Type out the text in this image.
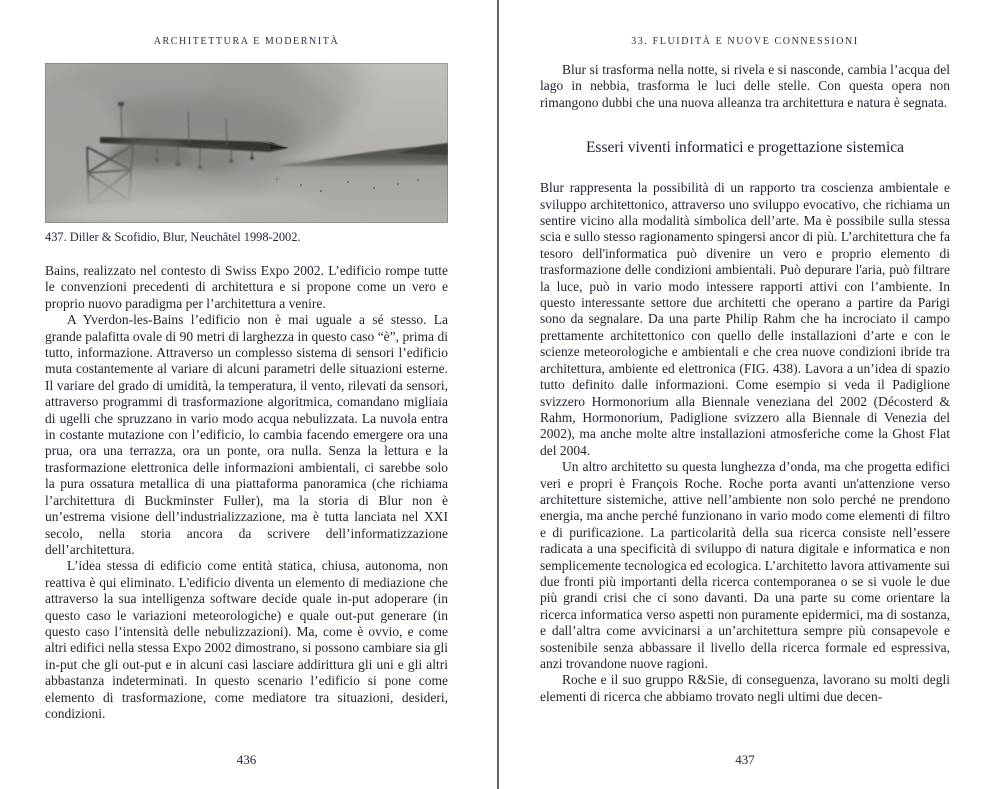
ARCHITETTURA E MODERNITÀ
437. Diller & Scofidio, Blur, Neuchâtel 1998-2002.

Bains, realizzato nel contesto di Swiss Expo 2002. L’edificio rompe tutte le convenzioni precedenti di architettura e si propone come un vero e proprio nuovo paradigma per l’architettura a venire.

A Yverdon-les-Bains l’edificio non è mai uguale a sé stesso. La grande palafitta ovale di 90 metri di larghezza in questo caso “è”, prima di tutto, informazione. Attraverso un complesso sistema di sensori l’edificio muta costantemente al variare di alcuni parametri delle situazioni esterne. Il variare del grado di umidità, la temperatura, il vento, rilevati da sensori, attraverso programmi di trasformazione algoritmica, comandano migliaia di ugelli che spruzzano in vario modo acqua nebulizzata. La nuvola entra in costante mutazione con l’edificio, lo cambia facendo emergere ora una prua, ora una terrazza, ora un ponte, ora nulla. Senza la lettura e la trasformazione elettronica delle informazioni ambientali, ci sarebbe solo la pura ossatura metallica di una piattaforma panoramica (che richiama l’architettura di Buckminster Fuller), ma la storia di Blur non è un’estrema visione dell’industrializzazione, ma è tutta lanciata nel XXI secolo, nella storia ancora da scrivere dell’informatizzazione dell’architettura.

L’idea stessa di edificio come entità statica, chiusa, autonoma, non reattiva è qui eliminato. L'edificio diventa un elemento di mediazione che attraverso la sua intelligenza software decide quale in-put adoperare (in questo caso le variazioni meteorologiche) e quale out-put generare (in questo caso l’intensità delle nebulizzazioni). Ma, come è ovvio, e come altri edifici nella stessa Expo 2002 dimostrano, si possono cambiare sia gli in-put che gli out-put e in alcuni casi lasciare addirittura gli uni e gli altri abbastanza indeterminati. In questo scenario l’edificio si pone come elemento di trasformazione, come mediatore tra situazioni, desideri, condizioni.

436
33. FLUIDITÀ E NUOVE CONNESSIONI

Blur si trasforma nella notte, si rivela e si nasconde, cambia l’acqua del lago in nebbia, trasforma le luci delle stelle. Con questa opera non rimangono dubbi che una nuova alleanza tra architettura e natura è segnata.

Esseri viventi informatici e progettazione sistemica

Blur rappresenta la possibilità di un rapporto tra coscienza ambientale e sviluppo architettonico, attraverso uno sviluppo evocativo, che richiama un sentire vicino alla modalità simbolica dell’arte. Ma è possibile sulla stessa scia e sullo stesso ragionamento spingersi ancor di più. L’architettura che fa tesoro dell'informatica può divenire un vero e proprio elemento di trasformazione delle condizioni ambientali. Può depurare l'aria, può filtrare la luce, può in vario modo intessere rapporti attivi con l’ambiente. In questo interessante settore due architetti che operano a partire da Parigi sono da segnalare. Da una parte Philip Rahm che ha incrociato il campo prettamente architettonico con quello delle installazioni d’arte e con le scienze meteorologiche e ambientali e che crea nuove condizioni ibride tra architettura, ambiente ed elettronica (FIG. 438). Lavora a un’idea di spazio tutto definito dalle informazioni. Come esempio si veda il Padiglione svizzero Hormonorium alla Biennale veneziana del 2002 (Décosterd & Rahm, Hormonorium, Padiglione svizzero alla Biennale di Venezia del 2002), ma anche molte altre installazioni atmosferiche come la Ghost Flat del 2004.

Un altro architetto su questa lunghezza d’onda, ma che progetta edifici veri e propri è François Roche. Roche porta avanti un'attenzione verso architetture sistemiche, attive nell’ambiente non solo perché ne prendono energia, ma anche perché funzionano in vario modo come elementi di filtro e di purificazione. La particolarità della sua ricerca consiste nell’essere radicata a una specificità di sviluppo di natura digitale e informatica e non semplicemente tecnologica ed ecologica. L’architetto lavora attivamente sui due fronti più importanti della ricerca contemporanea o se si vuole le due più grandi crisi che ci sono davanti. Da una parte su come orientare la ricerca informatica verso aspetti non puramente epidermici, ma di sostanza, e dall’altra come avvicinarsi a un’architettura sempre più consapevole e sostenibile senza abbassare il livello della ricerca formale ed espressiva, anzi trovandone nuove ragioni.

Roche e il suo gruppo R&Sie, di conseguenza, lavorano su molti degli elementi di ricerca che abbiamo trovato negli ultimi due decen-

437
